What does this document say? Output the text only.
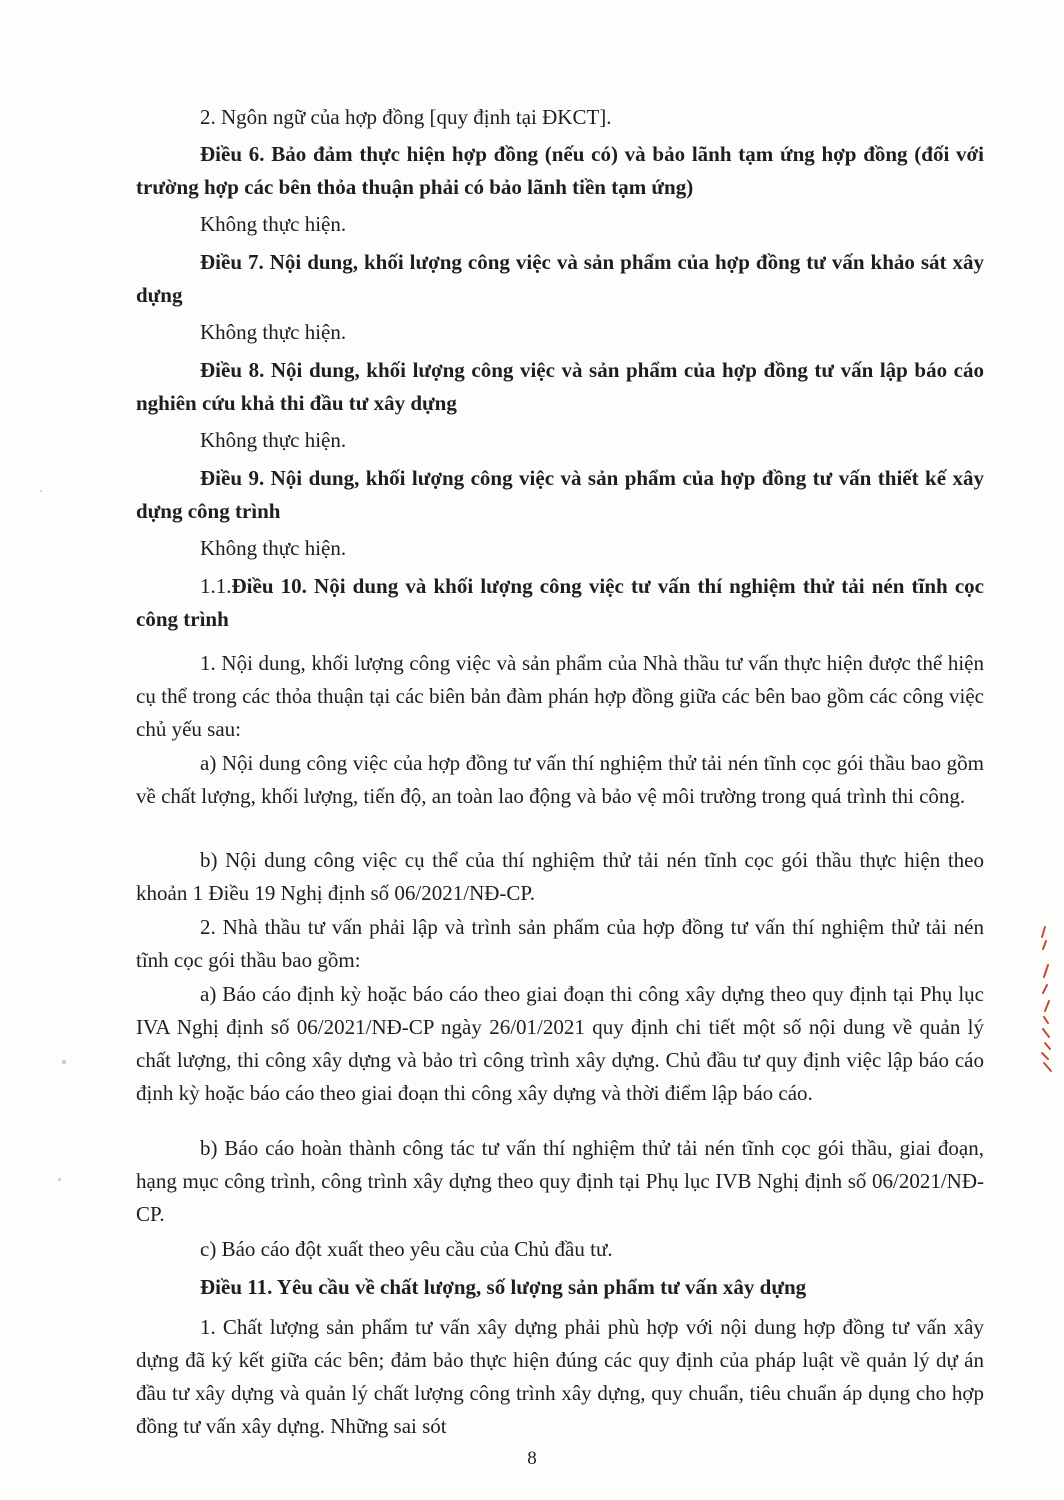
2. Ngôn ngữ của hợp đồng [quy định tại ĐKCT].

Điều 6. Bảo đảm thực hiện hợp đồng (nếu có) và bảo lãnh tạm ứng hợp đồng (đối với trường hợp các bên thỏa thuận phải có bảo lãnh tiền tạm ứng)

Không thực hiện.

Điều 7. Nội dung, khối lượng công việc và sản phẩm của hợp đồng tư vấn khảo sát xây dựng

Không thực hiện.

Điều 8. Nội dung, khối lượng công việc và sản phẩm của hợp đồng tư vấn lập báo cáo nghiên cứu khả thi đầu tư xây dựng

Không thực hiện.

Điều 9. Nội dung, khối lượng công việc và sản phẩm của hợp đồng tư vấn thiết kế xây dựng công trình

Không thực hiện.

1.1.Điều 10. Nội dung và khối lượng công việc tư vấn thí nghiệm thử tải nén tĩnh cọc công trình

1. Nội dung, khối lượng công việc và sản phẩm của Nhà thầu tư vấn thực hiện được thể hiện cụ thể trong các thỏa thuận tại các biên bản đàm phán hợp đồng giữa các bên bao gồm các công việc chủ yếu sau:

a) Nội dung công việc của hợp đồng tư vấn thí nghiệm thử tải nén tĩnh cọc gói thầu bao gồm về chất lượng, khối lượng, tiến độ, an toàn lao động và bảo vệ môi trường trong quá trình thi công.

b) Nội dung công việc cụ thể của thí nghiệm thử tải nén tĩnh cọc gói thầu thực hiện theo khoản 1 Điều 19 Nghị định số 06/2021/NĐ-CP.

2. Nhà thầu tư vấn phải lập và trình sản phẩm của hợp đồng tư vấn thí nghiệm thử tải nén tĩnh cọc gói thầu bao gồm:

a) Báo cáo định kỳ hoặc báo cáo theo giai đoạn thi công xây dựng theo quy định tại Phụ lục IVA Nghị định số 06/2021/NĐ-CP ngày 26/01/2021 quy định chi tiết một số nội dung về quản lý chất lượng, thi công xây dựng và bảo trì công trình xây dựng. Chủ đầu tư quy định việc lập báo cáo định kỳ hoặc báo cáo theo giai đoạn thi công xây dựng và thời điểm lập báo cáo.

b) Báo cáo hoàn thành công tác tư vấn thí nghiệm thử tải nén tĩnh cọc gói thầu, giai đoạn, hạng mục công trình, công trình xây dựng theo quy định tại Phụ lục IVB Nghị định số 06/2021/NĐ-CP.

c) Báo cáo đột xuất theo yêu cầu của Chủ đầu tư.

Điều 11. Yêu cầu về chất lượng, số lượng sản phẩm tư vấn xây dựng

1. Chất lượng sản phẩm tư vấn xây dựng phải phù hợp với nội dung hợp đồng tư vấn xây dựng đã ký kết giữa các bên; đảm bảo thực hiện đúng các quy định của pháp luật về quản lý dự án đầu tư xây dựng và quản lý chất lượng công trình xây dựng, quy chuẩn, tiêu chuẩn áp dụng cho hợp đồng tư vấn xây dựng. Những sai sót

8
